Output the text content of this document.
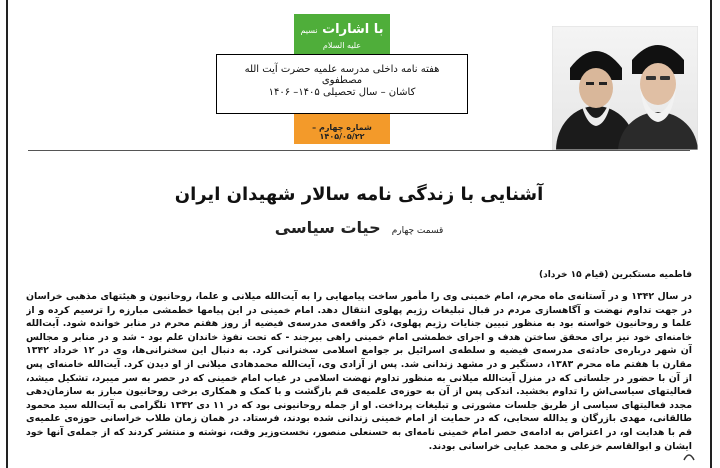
با اشارات نسیم علیه السلام
هفته نامه داخلی مدرسه علمیه حضرت آیت الله مصطفوی
کاشان – سال تحصیلی ۱۴۰۵– ۱۴۰۶
شماره چهارم – ۱۴۰۵/۰۵/۲۲
آشنایی با زندگی نامه سالار شهیدان ایران
قسمت چهارم حیات سیاسی
فاطمیه مستکبرین (قیام ۱۵ خرداد)

در سال ۱۳۴۲ و در آستانه‌ی ماه محرم، امام خمینی وی را مأمور ساخت پیامهایی را به آیت‌الله میلانی و علما، روحانیون و هیئتهای مذهبی خراسان در جهت تداوم نهضت و آگاهسازی مردم در قبال تبلیغات رژیم پهلوی انتقال دهد. امام خمینی در این پیامها خطمشی مبارزه را ترسیم کرده و از علما و روحانیون خواسته بود به منظور تبیین جنایات رژیم پهلوی، ذکر واقعه‌ی مدرسه‌ی فیضیه از روز هفتم محرم در منابر خوانده شود. آیت‌الله خامنه‌ای خود نیز برای محقق ساختن هدف و اجرای خطمشی امام خمینی راهی بیرجند - که تحت نفوذ خاندان علم بود - شد و در منابر و مجالس آن شهر درباره‌ی حادثه‌ی مدرسه‌ی فیضیه و سلطه‌ی اسرائیل بر جوامع اسلامی سخنرانی کرد. به دنبال این سخنرانی‌ها، وی در ۱۲ خرداد ۱۳۴۲ مقارن با هفتم ماه محرم ۱۳۸۳، دستگیر و در مشهد زندانی شد. پس از آزادی وی، آیت‌الله محمدهادی میلانی از او دیدن کرد. آیت‌الله خامنه‌ای پس از آن با حضور در جلساتی که در منزل آیت‌الله میلانی به منظور تداوم نهضت اسلامی در غیاب امام خمینی که در حصر به سر میبرد، تشکیل میشد، فعالیتهای سیاسی‌اش را تداوم بخشید. اندکی پس از آن به حوزه‌ی علمیه‌ی قم بازگشت و با کمک و همکاری برخی روحانیون مبارز به سازمان‌دهی مجدد فعالیتهای سیاسی از طریق جلسات مشورتی و تبلیغات پرداخت. او از جمله روحانیونی بود که در ۱۱ دی ۱۳۴۲ تلگرامی به آیت‌الله سید محمود طالقانی، مهدی بازرگان و یدالله سحابی، که در حمایت از امام خمینی زندانی شده بودند، فرستاد. در همان زمان طلاب خراسانی حوزه‌ی علمیه‌ی قم با هدایت او، در اعتراض به ادامه‌ی حصر امام خمینی نامه‌ای به حسنعلی منصور، نخست‌وزیر وقت، نوشته و منتشر کردند که از جمله‌ی آنها خود ایشان و ابوالقاسم خزعلی و محمد عبایی خراسانی بودند.
